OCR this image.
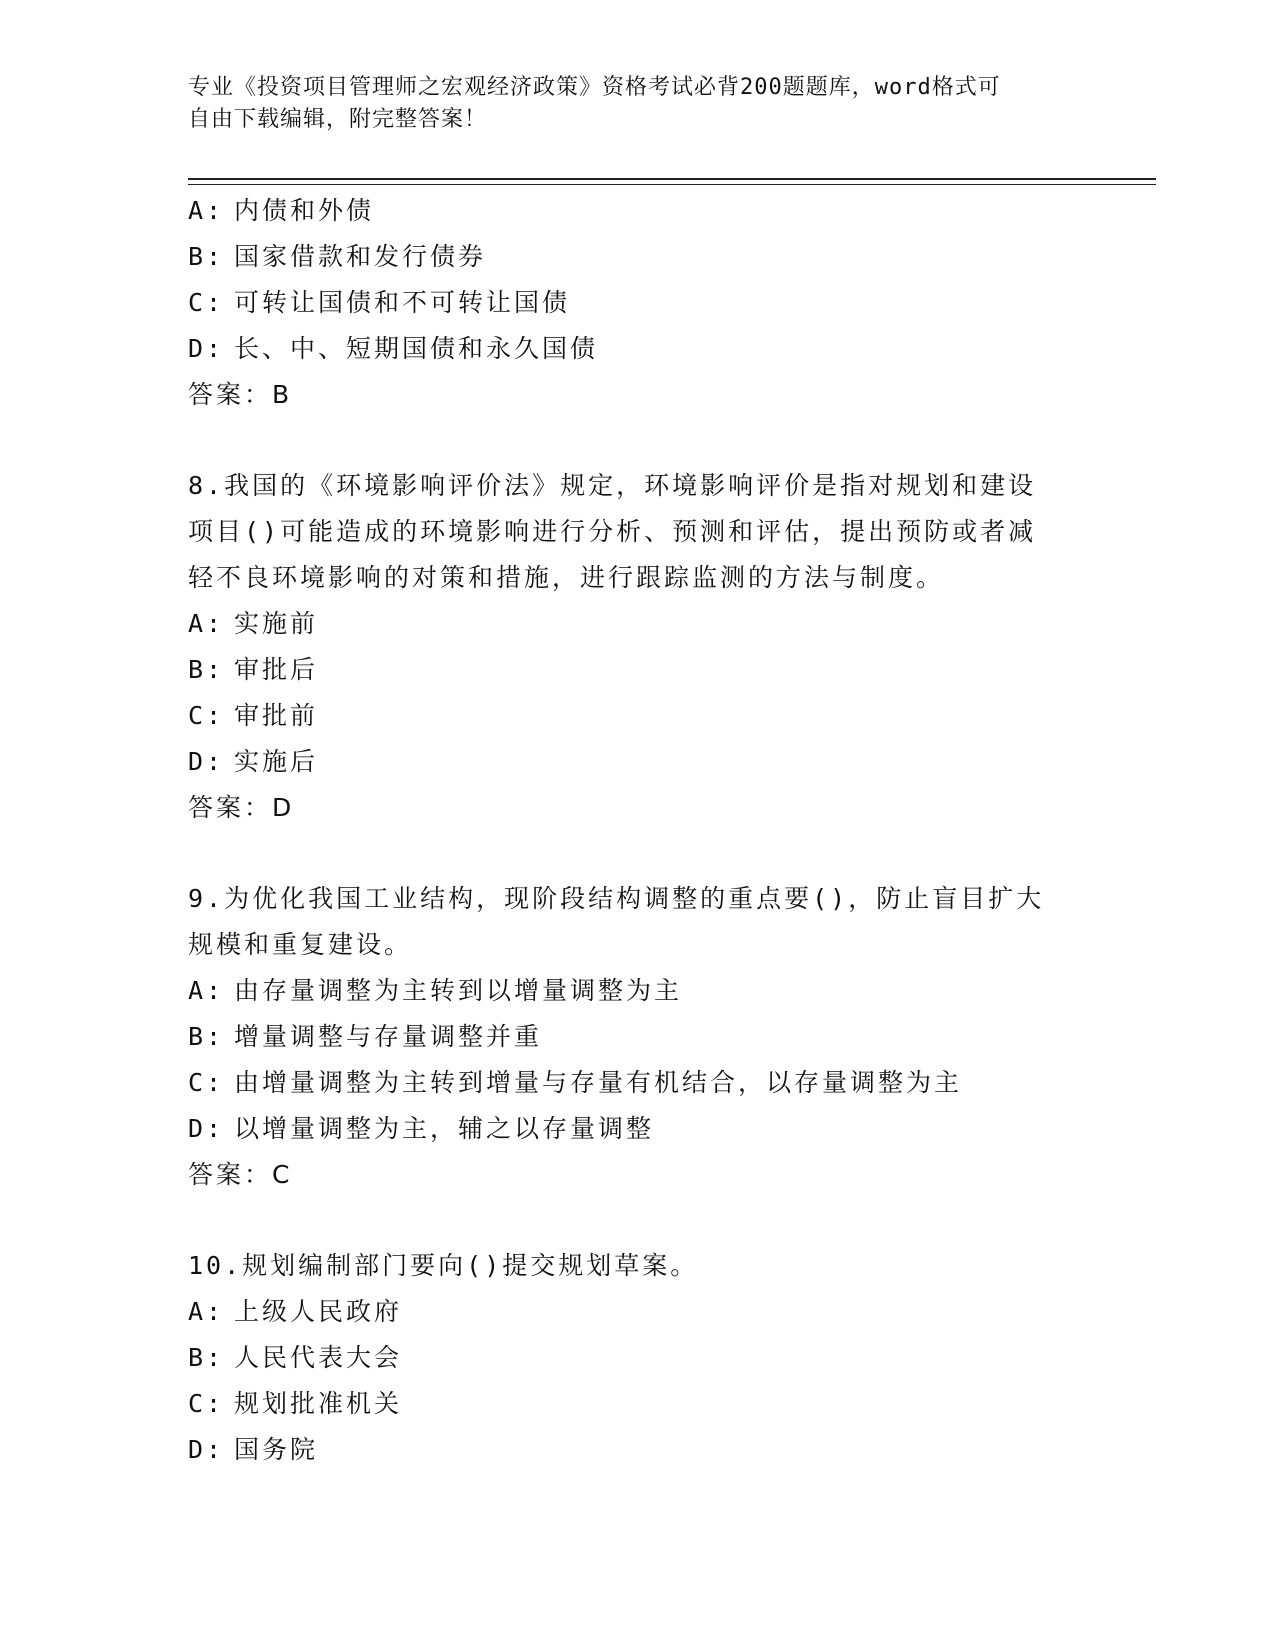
专业《投资项目管理师之宏观经济政策》资格考试必背200题题库，word格式可
自由下载编辑，附完整答案！
A: 内债和外债
B: 国家借款和发行债券
C: 可转让国债和不可转让国债
D: 长、中、短期国债和永久国债
答案：B
8.我国的《环境影响评价法》规定，环境影响评价是指对规划和建设
项目()可能造成的环境影响进行分析、预测和评估，提出预防或者减
轻不良环境影响的对策和措施，进行跟踪监测的方法与制度。
A: 实施前
B: 审批后
C: 审批前
D: 实施后
答案：D
9.为优化我国工业结构，现阶段结构调整的重点要()，防止盲目扩大
规模和重复建设。
A: 由存量调整为主转到以增量调整为主
B: 增量调整与存量调整并重
C: 由增量调整为主转到增量与存量有机结合，以存量调整为主
D: 以增量调整为主，辅之以存量调整
答案：C
10.规划编制部门要向()提交规划草案。
A: 上级人民政府
B: 人民代表大会
C: 规划批准机关
D: 国务院
